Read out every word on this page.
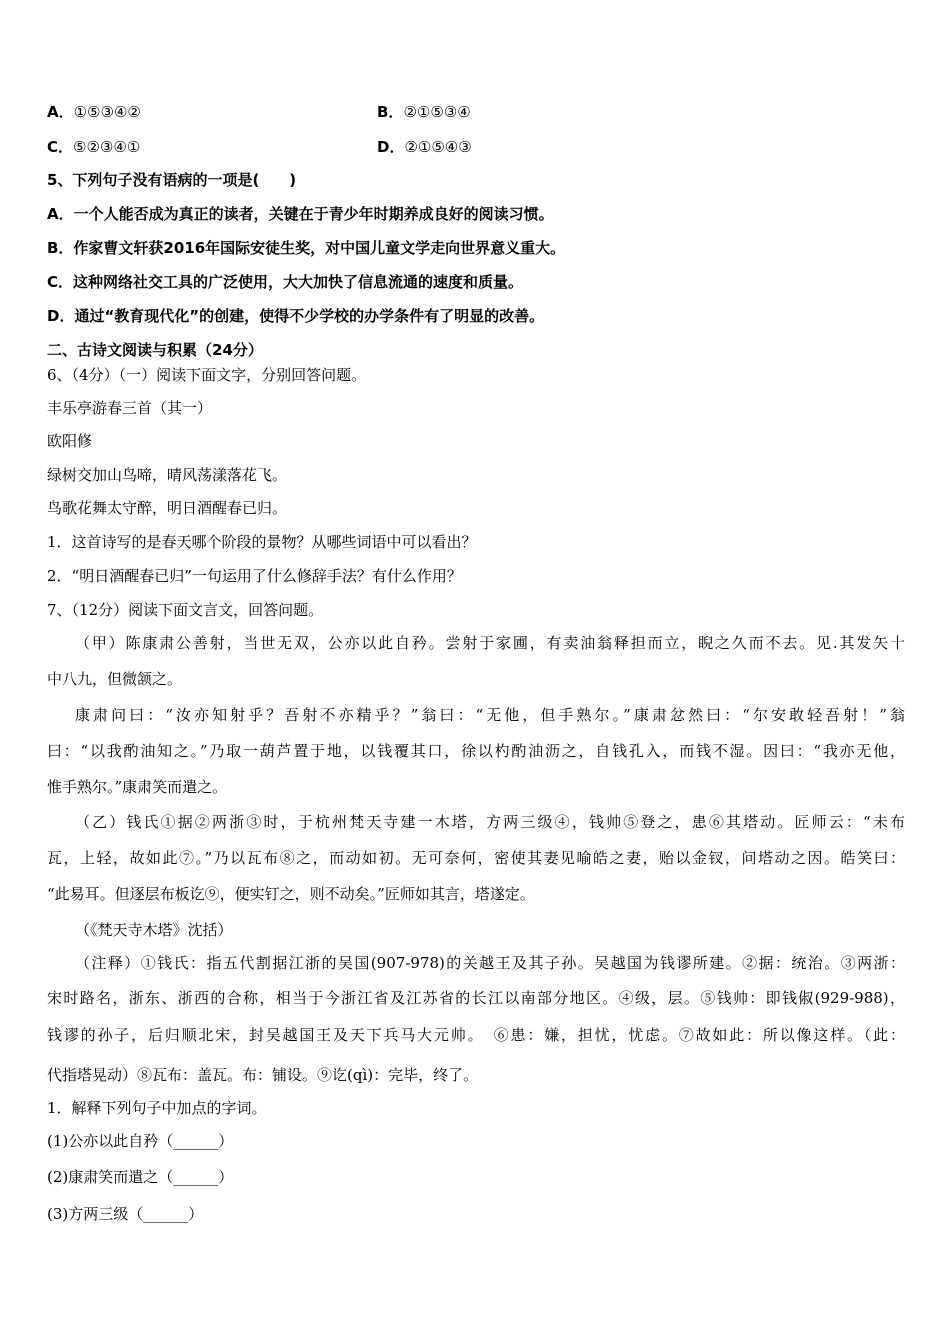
A．①⑤③④②	B．②①⑤③④
C．⑤②③④①	D．②①⑤④③
5、下列句子没有语病的一项是(　　)
A．一个人能否成为真正的读者，关键在于青少年时期养成良好的阅读习惯。
B．作家曹文轩获2016年国际安徒生奖，对中国儿童文学走向世界意义重大。
C．这种网络社交工具的广泛使用，大大加快了信息流通的速度和质量。
D．通过“教育现代化”的创建，使得不少学校的办学条件有了明显的改善。
二、古诗文阅读与积累（24分）
6、（4分）（一）阅读下面文字，分别回答问题。
丰乐亭游春三首（其一）
欧阳修
绿树交加山鸟啼，晴风荡漾落花飞。
鸟歌花舞太守醉，明日酒醒春已归。
1．这首诗写的是春天哪个阶段的景物？从哪些词语中可以看出？
2．“明日酒醒春已归”一句运用了什么修辞手法？有什么作用？
7、（12分）阅读下面文言文，回答问题。
（甲）陈康肃公善射，当世无双，公亦以此自矜。尝射于家圃，有卖油翁释担而立，睨之久而不去。见.其发矢十
中八九，但微颔之。
康肃问曰：“汝亦知射乎？吾射不亦精乎？”翁曰：“无他，但手熟尔。”康肃忿然曰：“尔安敢轻吾射！”翁
曰：“以我酌油知之。”乃取一葫芦置于地，以钱覆其口，徐以杓酌油沥之，自钱孔入，而钱不湿。因曰：“我亦无他，
惟手熟尔。”康肃笑而遣之。
（乙）钱氏①据②两浙③时，于杭州梵天寺建一木塔，方两三级④，钱帅⑤登之，患⑥其塔动。匠师云：“未布
瓦，上轻，故如此⑦。”乃以瓦布⑧之，而动如初。无可奈何，密使其妻见喻皓之妻，贻以金钗，问塔动之因。皓笑曰：
“此易耳。但逐层布板讫⑨，便实钉之，则不动矣。”匠师如其言，塔遂定。
（《梵天寺木塔》沈括）
（注释）①钱氏：指五代割据江浙的吴国(907-978)的关越王及其子孙。吴越国为钱谬所建。②据：统治。③两浙：
宋时路名，浙东、浙西的合称，相当于今浙江省及江苏省的长江以南部分地区。④级，层。⑤钱帅：即钱俶(929-988)，
钱谬的孙子，后归顺北宋，封吴越国王及天下兵马大元帅。　⑥患：嫌，担忧，忧虑。⑦故如此：所以像这样。（此：
代指塔晃动）⑧瓦布：盖瓦。布：铺设。⑨讫(qì)：完毕，终了。
1．解释下列句子中加点的字词。
(1)公亦以此自矜（______）
(2)康肃笑而遣之（______）
(3)方两三级（______）
